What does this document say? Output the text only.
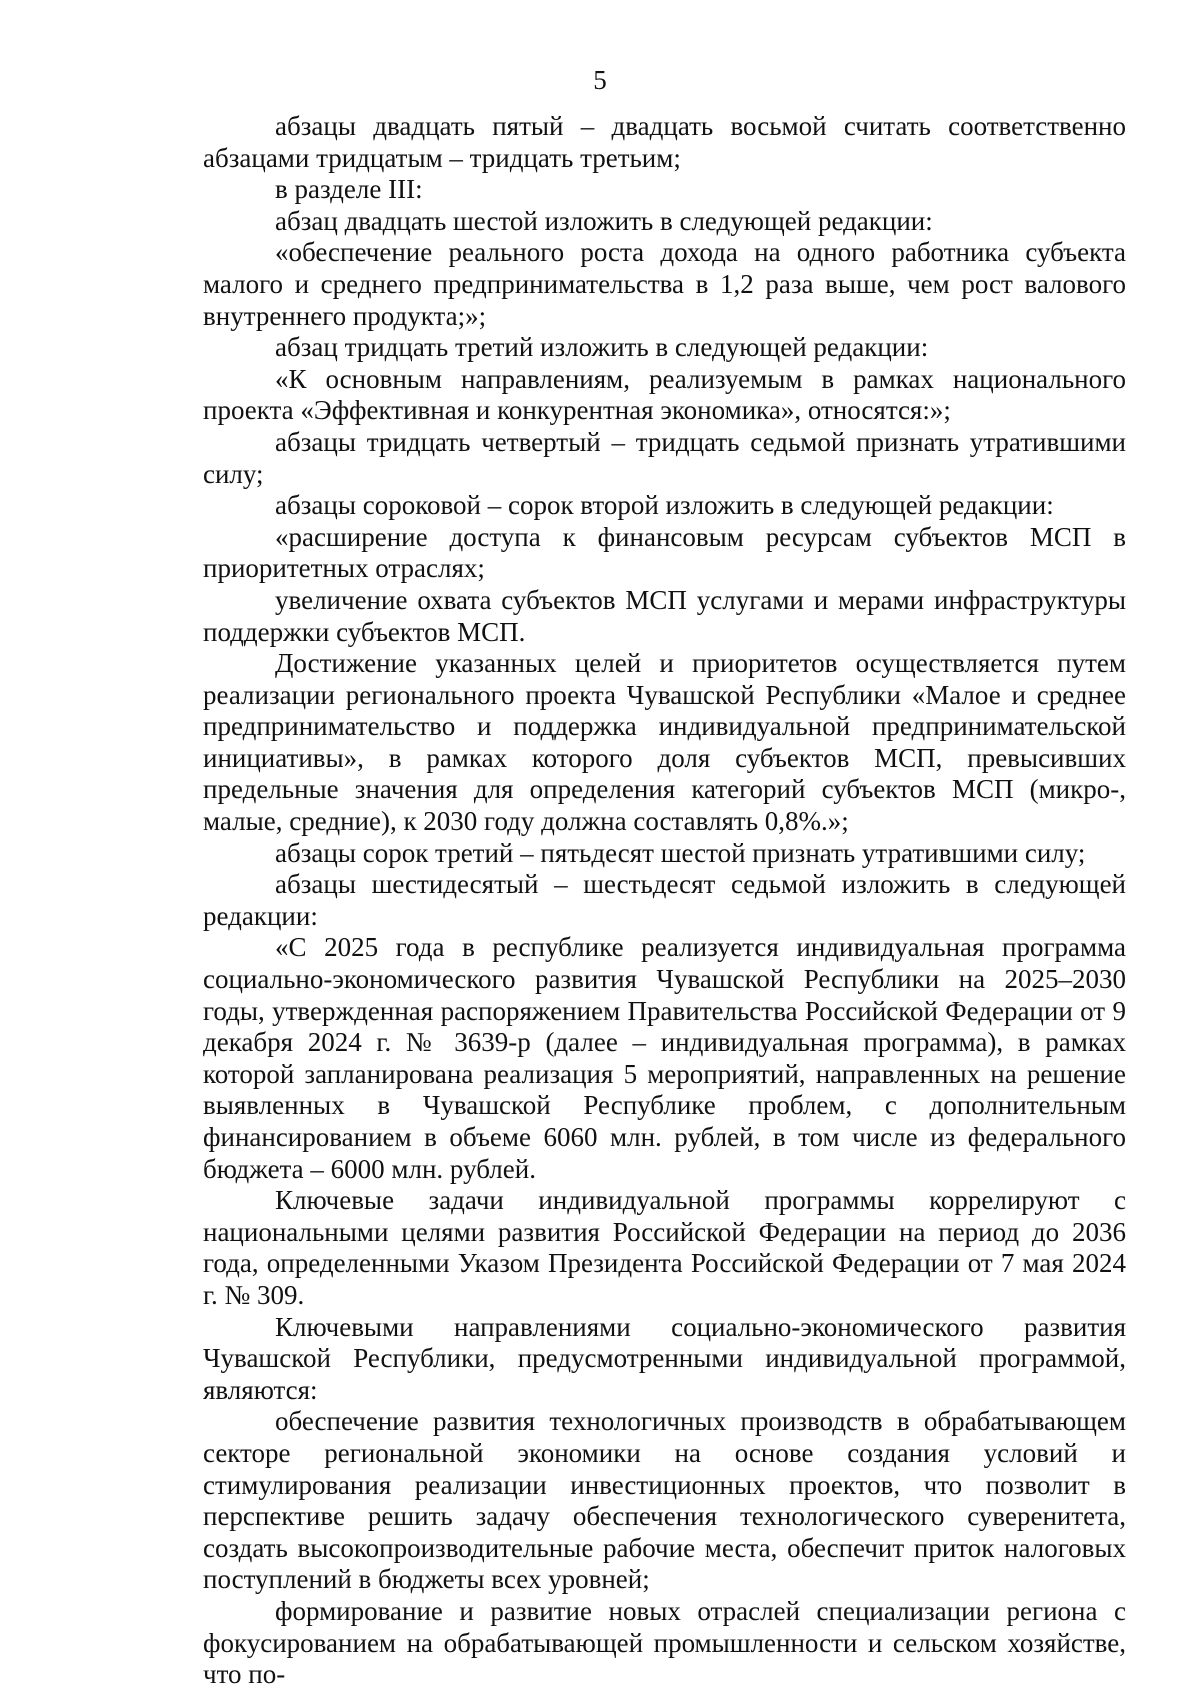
5

абзацы двадцать пятый – двадцать восьмой считать соответственно абзацами тридцатым – тридцать третьим;

в разделе III:

абзац двадцать шестой изложить в следующей редакции:

«обеспечение реального роста дохода на одного работника субъекта малого и среднего предпринимательства в 1,2 раза выше, чем рост валового внутреннего продукта;»;

абзац тридцать третий изложить в следующей редакции:

«К основным направлениям, реализуемым в рамках национального проекта «Эффективная и конкурентная экономика», относятся:»;

абзацы тридцать четвертый – тридцать седьмой признать утратившими силу;

абзацы сороковой – сорок второй изложить в следующей редакции:

«расширение доступа к финансовым ресурсам субъектов МСП в приоритетных отраслях;

увеличение охвата субъектов МСП услугами и мерами инфраструктуры поддержки субъектов МСП.

Достижение указанных целей и приоритетов осуществляется путем реализации регионального проекта Чувашской Республики «Малое и среднее предпринимательство и поддержка индивидуальной предпринимательской инициативы», в рамках которого доля субъектов МСП, превысивших предельные значения для определения категорий субъектов МСП (микро-, малые, средние), к 2030 году должна составлять 0,8%.»;

абзацы сорок третий – пятьдесят шестой признать утратившими силу;

абзацы шестидесятый – шестьдесят седьмой изложить в следующей редакции:

«С 2025 года в республике реализуется индивидуальная программа социально-экономического развития Чувашской Республики на 2025–2030 годы, утвержденная распоряжением Правительства Российской Федерации от 9 декабря 2024 г. № 3639-р (далее – индивидуальная программа), в рамках которой запланирована реализация 5 мероприятий, направленных на решение выявленных в Чувашской Республике проблем, с дополнительным финансированием в объеме 6060 млн. рублей, в том числе из федерального бюджета – 6000 млн. рублей.

Ключевые задачи индивидуальной программы коррелируют с национальными целями развития Российской Федерации на период до 2036 года, определенными Указом Президента Российской Федерации от 7 мая 2024 г. № 309.

Ключевыми направлениями социально-экономического развития Чувашской Республики, предусмотренными индивидуальной программой, являются:

обеспечение развития технологичных производств в обрабатывающем секторе региональной экономики на основе создания условий и стимулирования реализации инвестиционных проектов, что позволит в перспективе решить задачу обеспечения технологического суверенитета, создать высокопроизводительные рабочие места, обеспечит приток налоговых поступлений в бюджеты всех уровней;

формирование и развитие новых отраслей специализации региона с фокусированием на обрабатывающей промышленности и сельском хозяйстве, что по-
